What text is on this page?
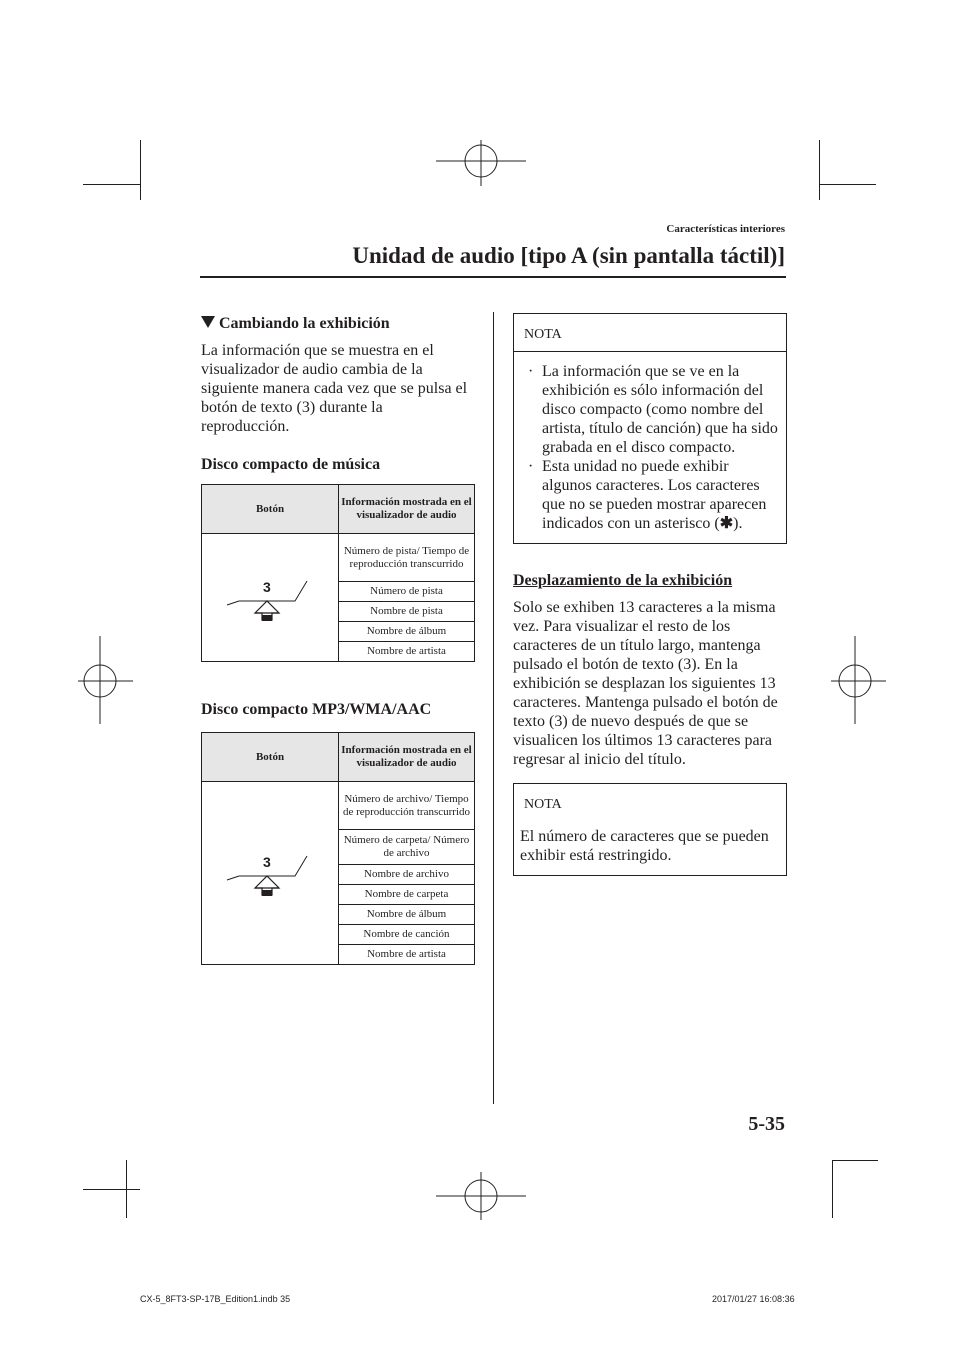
Características interiores
Unidad de audio [tipo A (sin pantalla táctil)]
Cambiando la exhibición

La información que se muestra en el visualizador de audio cambia de la siguiente manera cada vez que se pulsa el botón de texto (3) durante la reproducción.

Disco compacto de música
Botón	Información mostrada en el visualizador de audio

3	Número de pista/ Tiempo de reproducción transcurrido
	Número de pista
	Nombre de pista
	Nombre de álbum
	Nombre de artista
Disco compacto MP3/WMA/AAC
Botón	Información mostrada en el visualizador de audio

3	Número de archivo/ Tiempo de reproducción transcurrido
	Número de carpeta/ Número de archivo
	Nombre de archivo
	Nombre de carpeta
	Nombre de álbum
	Nombre de canción
	Nombre de artista
NOTA
· La información que se ve en la exhibición es sólo información del disco compacto (como nombre del artista, título de canción) que ha sido grabada en el disco compacto.
· Esta unidad no puede exhibir algunos caracteres. Los caracteres que no se pueden mostrar aparecen indicados con un asterisco (✱).
Desplazamiento de la exhibición

Solo se exhiben 13 caracteres a la misma vez. Para visualizar el resto de los caracteres de un título largo, mantenga pulsado el botón de texto (3). En la exhibición se desplazan los siguientes 13 caracteres. Mantenga pulsado el botón de texto (3) de nuevo después de que se visualicen los últimos 13 caracteres para regresar al inicio del título.

NOTA

El número de caracteres que se pueden exhibir está restringido.

5-35
CX-5_8FT3-SP-17B_Edition1.indb 35	2017/01/27 16:08:36
